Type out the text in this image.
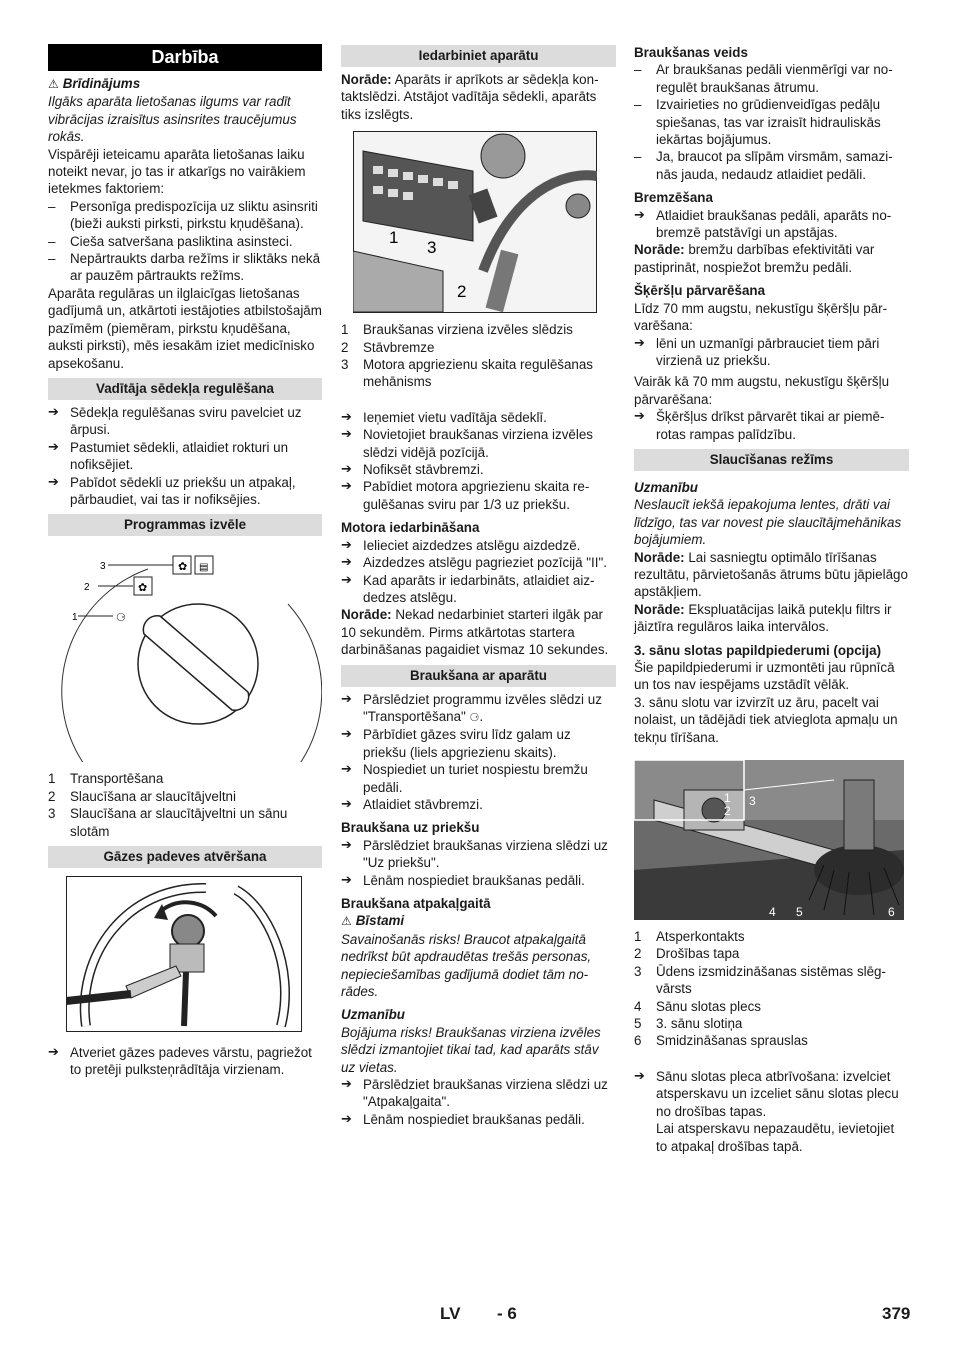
Darbība

⚠ Brīdinājums

Ilgāks aparāta lietošanas ilgums var radīt vibrācijas izraisītus asinsrites traucējumus rokās.

Vispārēji ieteicamu aparāta lietošanas laiku noteikt nevar, jo tas ir atkarīgs no vairākiem ietekmes faktoriem:

– Personīga predispozīcija uz sliktu asinsriti (bieži auksti pirksti, pirkstu kņudēšana).
– Cieša satveršana pasliktina asinsteci.
– Nepārtraukts darba režīms ir sliktāks nekā ar pauzēm pārtraukts režīms.

Aparāta regulāras un ilglaicīgas lietošanas gadījumā un, atkārtoti iestājoties atbilstošajām pazīmēm (piemēram, pirkstu kņudēšana, auksti pirksti), mēs iesakām iziet medicīnisko apsekošanu.

Vadītāja sēdekļa regulēšana
➔ Sēdekļa regulēšanas sviru pavelciet uz ārpusi.
➔ Pastumiet sēdekli, atlaidiet rokturi un nofiksējiet.
➔ Pabīdot sēdekli uz priekšu un atpakaļ, pārbaudiet, vai tas ir nofiksējies.
Programmas izvēle
✿ ▤
✿
⚆
3
2
1
1 Transportēšana
2 Slaucīšana ar slaucītājveltni
3 Slaucīšana ar slaucītājveltni un sānu slotām
Gāzes padeves atvēršana
➔ Atveriet gāzes padeves vārstu, pagriežot to pretēji pulksteņrādītāja virzienam.
Iedarbiniet aparātu

Norāde: Aparāts ir aprīkots ar sēdekļa kontaktslēdzi. Atstājot vadītāja sēdekli, aparāts tiks izslēgts.

1
3
2
1 Braukšanas virziena izvēles slēdzis
2 Stāvbremze
3 Motora apgriezienu skaita regulēšanas mehānisms
➔ Ieņemiet vietu vadītāja sēdeklī.
➔ Novietojiet braukšanas virziena izvēles slēdzi vidējā pozīcijā.
➔ Nofiksēt stāvbremzi.
➔ Pabīdiet motora apgriezienu skaita regulēšanas sviru par 1/3 uz priekšu.

Motora iedarbināšana

➔ Ielieciet aizdedzes atslēgu aizdedzē.
➔ Aizdedzes atslēgu pagrieziet pozīcijā "II".
➔ Kad aparāts ir iedarbināts, atlaidiet aizdedzes atslēgu.

Norāde: Nekad nedarbiniet starteri ilgāk par 10 sekundēm. Pirms atkārtotas startera darbināšanas pagaidiet vismaz 10 sekundes.

Braukšana ar aparātu
➔ Pārslēdziet programmu izvēles slēdzi uz "Transportēšana" ⚆.
➔ Pārbīdiet gāzes sviru līdz galam uz priekšu (liels apgriezienu skaits).
➔ Nospiediet un turiet nospiestu bremžu pedāli.
➔ Atlaidiet stāvbremzi.

Braukšana uz priekšu

➔ Pārslēdziet braukšanas virziena slēdzi uz "Uz priekšu".
➔ Lēnām nospiediet braukšanas pedāli.

Braukšana atpakaļgaitā

⚠ Bīstami

Savainošanās risks! Braucot atpakaļgaitā nedrīkst būt apdraudētas trešās personas, nepieciešamības gadījumā dodiet tām norādes.

Uzmanību

Bojājuma risks! Braukšanas virziena izvēles slēdzi izmantojiet tikai tad, kad aparāts stāv uz vietas.

➔ Pārslēdziet braukšanas virziena slēdzi uz "Atpakaļgaita".
➔ Lēnām nospiediet braukšanas pedāli.

Braukšanas veids

– Ar braukšanas pedāli vienmērīgi var noregulēt braukšanas ātrumu.
– Izvairieties no grūdienveidīgas pedāļu spiešanas, tas var izraisīt hidrauliskās iekārtas bojājumus.
– Ja, braucot pa slīpām virsmām, samazinās jauda, nedaudz atlaidiet pedāli.

Bremzēšana

➔ Atlaidiet braukšanas pedāli, aparāts nobremzē patstāvīgi un apstājas.

Norāde: bremžu darbības efektivitāti var pastiprināt, nospiežot bremžu pedāli.

Šķēršļu pārvarēšana

Līdz 70 mm augstu, nekustīgu šķēršļu pārvarēšana:

➔ lēni un uzmanīgi pārbrauciet tiem pāri virzienā uz priekšu.

Vairāk kā 70 mm augstu, nekustīgu šķēršļu pārvarēšana:

➔ Šķēršļus drīkst pārvarēt tikai ar piemērotas rampas palīdzību.
Slaucīšanas režīms

Uzmanību

Neslaucīt iekšā iepakojuma lentes, drāti vai līdzīgo, tas var novest pie slaucītājmehānikas bojājumiem.

Norāde: Lai sasniegtu optimālo tīrīšanas rezultātu, pārvietošanās ātrums būtu jāpielāgo apstākļiem.

Norāde: Ekspluatācijas laikā putekļu filtrs ir jāiztīra regulāros laika intervālos.

3. sānu slotas papildpiederumi (opcija)

Šie papildpiederumi ir uzmontēti jau rūpnīcā un tos nav iespējams uzstādīt vēlāk.

3. sānu slotu var izvirzīt uz āru, pacelt vai nolaist, un tādējādi tiek atvieglota apmaļu un tekņu tīrīšana.

1
2
3
4 5	6
1 Atsperkontakts
2 Drošības tapa
3 Ūdens izsmidzināšanas sistēmas slēgvārsts
4 Sānu slotas plecs
5 3. sānu slotiņa
6 Smidzināšanas sprauslas
➔ Sānu slotas pleca atbrīvošana: izvelciet atsperskavu un izceliet sānu slotas plecu no drošības tapas.

Lai atsperskavu nepazaudētu, ievietojiet to atpakaļ drošības tapā.

LV - 6	379
